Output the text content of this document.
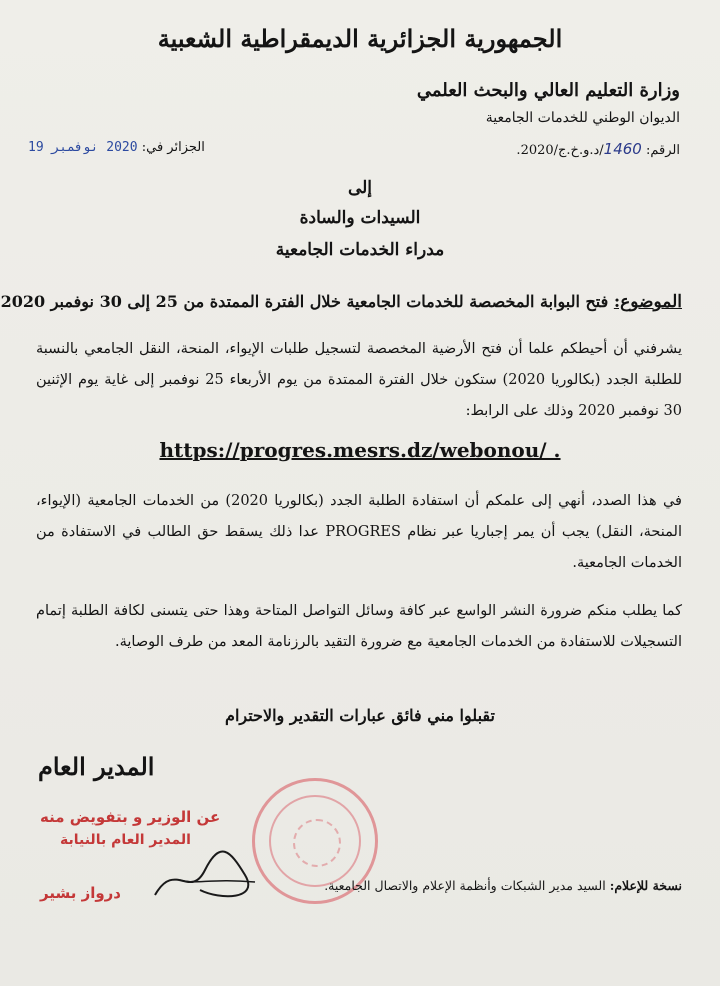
الجمهورية الجزائرية الديمقراطية الشعبية
وزارة التعليم العالي والبحث العلمي
الديوان الوطني للخدمات الجامعية
الرقم: 1460/د.و.خ.ج/2020.
الجزائر في: 2020 نوفمبر 19
إلى
السيدات والسادة
مدراء الخدمات الجامعية
الموضوع: فتح البوابة المخصصة للخدمات الجامعية خلال الفترة الممتدة من 25 إلى 30 نوفمبر 2020
يشرفني أن أحيطكم علما أن فتح الأرضية المخصصة لتسجيل طلبات الإيواء، المنحة، النقل الجامعي بالنسبة للطلبة الجدد (بكالوريا 2020) ستكون خلال الفترة الممتدة من يوم الأربعاء 25 نوفمبر إلى غاية يوم الإثنين 30 نوفمبر 2020 وذلك على الرابط:
https://progres.mesrs.dz/webonou/ .
في هذا الصدد، أنهي إلى علمكم أن استفادة الطلبة الجدد (بكالوريا 2020) من الخدمات الجامعية (الإيواء، المنحة، النقل) يجب أن يمر إجباريا عبر نظام PROGRES عدا ذلك يسقط حق الطالب في الاستفادة من الخدمات الجامعية.
كما يطلب منكم ضرورة النشر الواسع عبر كافة وسائل التواصل المتاحة وهذا حتى يتسنى لكافة الطلبة إتمام التسجيلات للاستفادة من الخدمات الجامعية مع ضرورة التقيد بالرزنامة المعد من طرف الوصاية.
تقبلوا مني فائق عبارات التقدير والاحترام
المدير العام
عن الوزير و بتفويض منه
المدير العام بالنيابة
درواز بشير	نسخة للإعلام: السيد مدير الشبكات وأنظمة الإعلام والاتصال الجامعية.
